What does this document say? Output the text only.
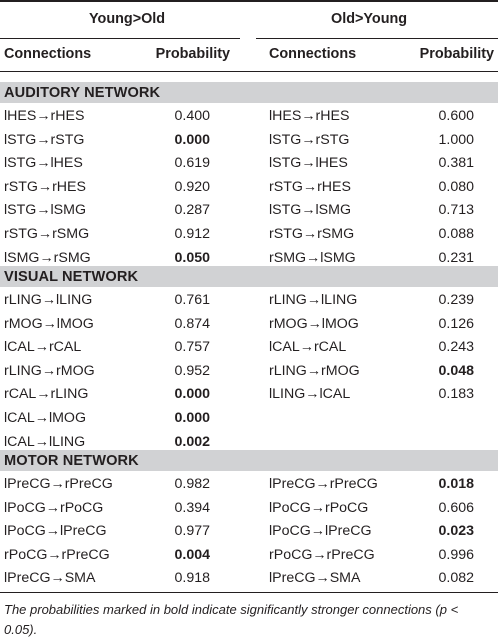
Young>Old	Old>Young
Connections	Probability	Connections	Probability
AUDITORY NETWORK
lHES→rHES	0.400	lHES→rHES	0.600
lSTG→rSTG	0.000	lSTG→rSTG	1.000
lSTG→lHES	0.619	lSTG→lHES	0.381
rSTG→rHES	0.920	rSTG→rHES	0.080
lSTG→lSMG	0.287	lSTG→lSMG	0.713
rSTG→rSMG	0.912	rSTG→rSMG	0.088
lSMG→rSMG	0.050	rSMG→lSMG	0.231
VISUAL NETWORK
rLING→lLING	0.761	rLING→lLING	0.239
rMOG→lMOG	0.874	rMOG→lMOG	0.126
lCAL→rCAL	0.757	lCAL→rCAL	0.243
rLING→rMOG	0.952	rLING→rMOG	0.048
rCAL→rLING	0.000	lLING→lCAL	0.183
lCAL→lMOG	0.000
lCAL→lLING	0.002
MOTOR NETWORK
lPreCG→rPreCG	0.982	lPreCG→rPreCG	0.018
lPoCG→rPoCG	0.394	lPoCG→rPoCG	0.606
lPoCG→lPreCG	0.977	lPoCG→lPreCG	0.023
rPoCG→rPreCG	0.004	rPoCG→rPreCG	0.996
lPreCG→SMA	0.918	lPreCG→SMA	0.082
The probabilities marked in bold indicate significantly stronger connections (p < 0.05).
